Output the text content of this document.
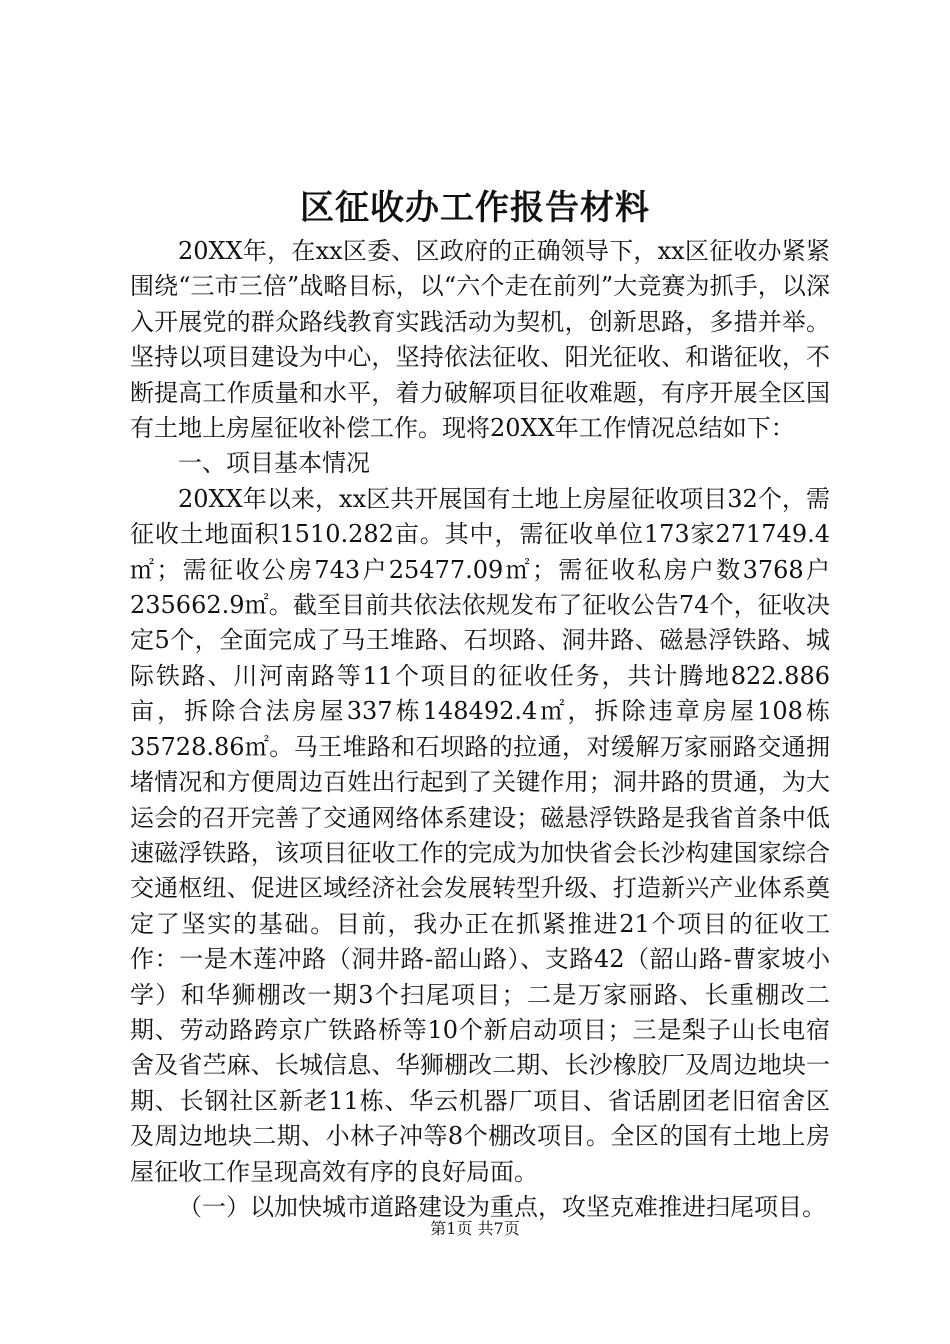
区征收办工作报告材料

20XX年，在xx区委、区政府的正确领导下，xx区征收办紧紧围绕“三市三倍”战略目标，以“六个走在前列”大竞赛为抓手，以深入开展党的群众路线教育实践活动为契机，创新思路，多措并举。坚持以项目建设为中心，坚持依法征收、阳光征收、和谐征收，不断提高工作质量和水平，着力破解项目征收难题，有序开展全区国有土地上房屋征收补偿工作。现将20XX年工作情况总结如下：

一、项目基本情况

20XX年以来，xx区共开展国有土地上房屋征收项目32个，需征收土地面积1510.282亩。其中，需征收单位173家271749.4㎡；需征收公房743户25477.09㎡；需征收私房户数3768户235662.9㎡。截至目前共依法依规发布了征收公告74个，征收决定5个，全面完成了马王堆路、石坝路、洞井路、磁悬浮铁路、城际铁路、川河南路等11个项目的征收任务，共计腾地822.886亩，拆除合法房屋337栋148492.4㎡，拆除违章房屋108栋35728.86㎡。马王堆路和石坝路的拉通，对缓解万家丽路交通拥堵情况和方便周边百姓出行起到了关键作用；洞井路的贯通，为大运会的召开完善了交通网络体系建设；磁悬浮铁路是我省首条中低速磁浮铁路，该项目征收工作的完成为加快省会长沙构建国家综合交通枢纽、促进区域经济社会发展转型升级、打造新兴产业体系奠定了坚实的基础。目前，我办正在抓紧推进21个项目的征收工作：一是木莲冲路（洞井路-韶山路）、支路42（韶山路-曹家坡小学）和华狮棚改一期3个扫尾项目；二是万家丽路、长重棚改二期、劳动路跨京广铁路桥等10个新启动项目；三是梨子山长电宿舍及省苎麻、长城信息、华狮棚改二期、长沙橡胶厂及周边地块一期、长钢社区新老11栋、华云机器厂项目、省话剧团老旧宿舍区及周边地块二期、小林子冲等8个棚改项目。全区的国有土地上房屋征收工作呈现高效有序的良好局面。

（一）以加快城市道路建设为重点，攻坚克难推进扫尾项目。

第1页 共7页
